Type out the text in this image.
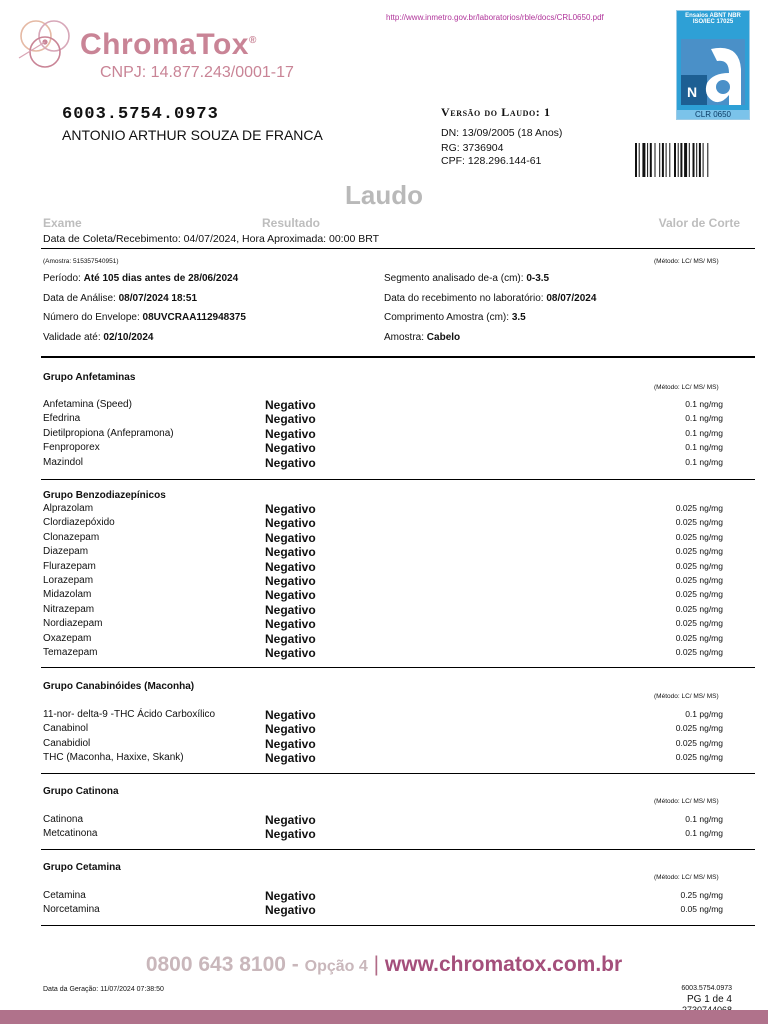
ChromaTox®
CNPJ: 14.877.243/0001-17
http://www.inmetro.gov.br/laboratorios/rble/docs/CRL0650.pdf	Ensaios ABNT NBR ISO/IEC 17025
N
CLR 0650
6003.5754.0973
ANTONIO ARTHUR SOUZA DE FRANCA
Versão do Laudo: 1
DN: 13/09/2005 (18 Anos)
RG: 3736904
CPF: 128.296.144-61
Laudo
Exame	Resultado	Valor de Corte
Data de Coleta/Recebimento: 04/07/2024, Hora Aproximada: 00:00 BRT
(Amostra: 515357540951)	(Método: LC/ MS/ MS)
Período: Até 105 dias antes de 28/06/2024
Data de Análise: 08/07/2024 18:51
Número do Envelope: 08UVCRAA112948375
Validade até: 02/10/2024
Segmento analisado de-a (cm): 0-3.5
Data do recebimento no laboratório: 08/07/2024
Comprimento Amostra (cm): 3.5
Amostra: Cabelo
Grupo Anfetaminas
(Método: LC/ MS/ MS)
Anfetamina (Speed)	Negativo	0.1 ng/mg
Efedrina	Negativo	0.1 ng/mg
Dietilpropiona (Anfepramona)	Negativo	0.1 ng/mg
Fenproporex	Negativo	0.1 ng/mg
Mazindol	Negativo	0.1 ng/mg
Grupo Benzodiazepínicos
Alprazolam	Negativo	0.025 ng/mg
Clordiazepóxido	Negativo	0.025 ng/mg
Clonazepam	Negativo	0.025 ng/mg
Diazepam	Negativo	0.025 ng/mg
Flurazepam	Negativo	0.025 ng/mg
Lorazepam	Negativo	0.025 ng/mg
Midazolam	Negativo	0.025 ng/mg
Nitrazepam	Negativo	0.025 ng/mg
Nordiazepam	Negativo	0.025 ng/mg
Oxazepam	Negativo	0.025 ng/mg
Temazepam	Negativo	0.025 ng/mg
Grupo Canabinóides (Maconha)
(Método: LC/ MS/ MS)
11-nor- delta-9 -THC Ácido Carboxílico	Negativo	0.1 pg/mg
Canabinol	Negativo	0.025 ng/mg
Canabidiol	Negativo	0.025 ng/mg
THC (Maconha, Haxixe, Skank)	Negativo	0.025 ng/mg
Grupo Catinona
(Método: LC/ MS/ MS)
Catinona	Negativo	0.1 ng/mg
Metcatinona	Negativo	0.1 ng/mg
Grupo Cetamina
(Método: LC/ MS/ MS)
Cetamina	Negativo	0.25 ng/mg
Norcetamina	Negativo	0.05 ng/mg
0800 643 8100 - Opção 4 | www.chromatox.com.br
Data da Geração: 11/07/2024 07:38:50	6003.5754.0973
PG 1 de 4
